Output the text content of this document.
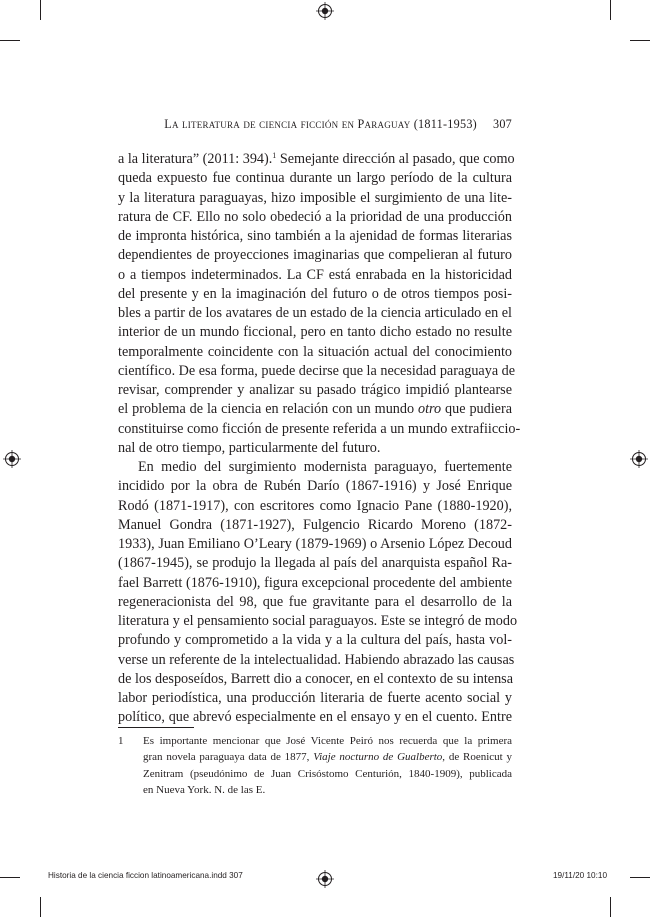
La literatura de ciencia ficción en Paraguay (1811-1953) 307
a la literatura” (2011: 394).$^1$ Semejante dirección al pasado, que como
queda expuesto fue continua durante un largo período de la cultura
y la literatura paraguayas, hizo imposible el surgimiento de una lite-
ratura de CF. Ello no solo obedeció a la prioridad de una producción
de impronta histórica, sino también a la ajenidad de formas literarias
dependientes de proyecciones imaginarias que compelieran al futuro
o a tiempos indeterminados. La CF está enrabada en la historicidad
del presente y en la imaginación del futuro o de otros tiempos posi-
bles a partir de los avatares de un estado de la ciencia articulado en el
interior de un mundo ficcional, pero en tanto dicho estado no resulte
temporalmente coincidente con la situación actual del conocimiento
científico. De esa forma, puede decirse que la necesidad paraguaya de
revisar, comprender y analizar su pasado trágico impidió plantearse
el problema de la ciencia en relación con un mundo otro que pudiera
constituirse como ficción de presente referida a un mundo extrafiіccio-
nal de otro tiempo, particularmente del futuro.
En medio del surgimiento modernista paraguayo, fuertemente
incidido por la obra de Rubén Darío (1867-1916) y José Enrique
Rodó (1871-1917), con escritores como Ignacio Pane (1880-1920),
Manuel Gondra (1871-1927), Fulgencio Ricardo Moreno (1872-
1933), Juan Emiliano O’Leary (1879-1969) o Arsenio López Decoud
(1867-1945), se produjo la llegada al país del anarquista español Ra-
fael Barrett (1876-1910), figura excepcional procedente del ambiente
regeneracionista del 98, que fue gravitante para el desarrollo de la
literatura y el pensamiento social paraguayos. Este se integró de modo
profundo y comprometido a la vida y a la cultura del país, hasta vol-
verse un referente de la intelectualidad. Habiendo abrazado las causas
de los desposeídos, Barrett dio a conocer, en el contexto de su intensa
labor periodística, una producción literaria de fuerte acento social y
político, que abrevó especialmente en el ensayo y en el cuento. Entre
1 Es importante mencionar que José Vicente Peiró nos recuerda que la primera
gran novela paraguaya data de 1877, Viaje nocturno de Gualberto, de Roenicut y
Zenitram (pseudónimo de Juan Crisóstomo Centurión, 1840-1909), publicada
en Nueva York. N. de las E.
Historia de la ciencia ficcion latinoamericana.indd 307	19/11/20 10:10
